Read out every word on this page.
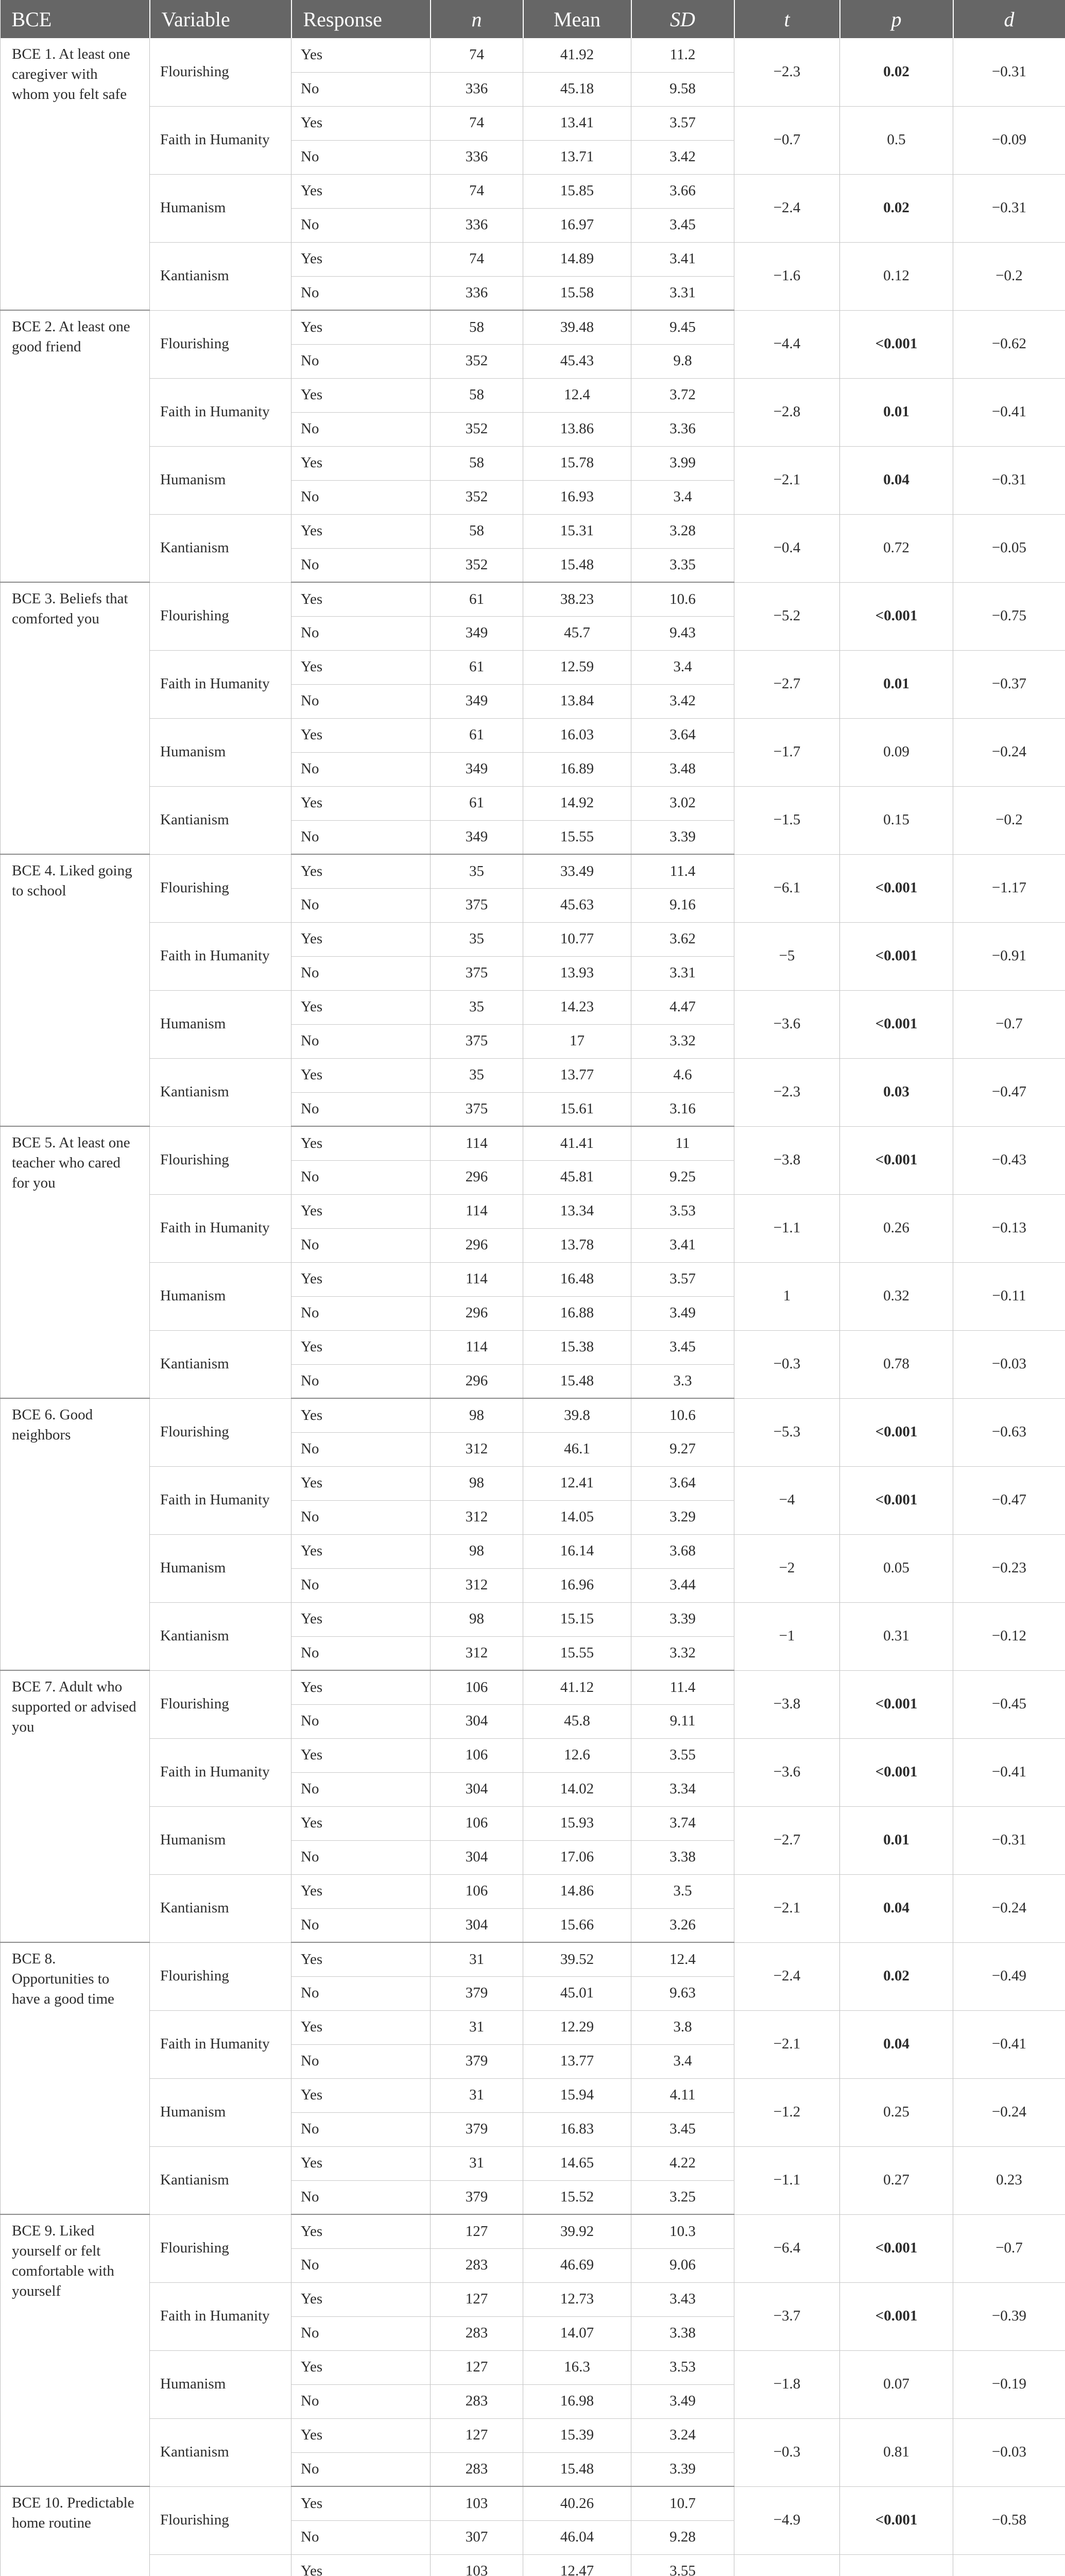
BCE	Variable	Response	n	Mean	SD	t	p	d
BCE 1. At least one caregiver with whom you felt safe	Flourishing	Yes	74	41.92	11.2	−2.3	0.02	−0.31
		No	336	45.18	9.58			
	Faith in Humanity	Yes	74	13.41	3.57	−0.7	0.5	−0.09
		No	336	13.71	3.42			
	Humanism	Yes	74	15.85	3.66	−2.4	0.02	−0.31
		No	336	16.97	3.45			
	Kantianism	Yes	74	14.89	3.41	−1.6	0.12	−0.2
		No	336	15.58	3.31			
BCE 2. At least one good friend	Flourishing	Yes	58	39.48	9.45	−4.4	<0.001	−0.62
		No	352	45.43	9.8			
	Faith in Humanity	Yes	58	12.4	3.72	−2.8	0.01	−0.41
		No	352	13.86	3.36			
	Humanism	Yes	58	15.78	3.99	−2.1	0.04	−0.31
		No	352	16.93	3.4			
	Kantianism	Yes	58	15.31	3.28	−0.4	0.72	−0.05
		No	352	15.48	3.35			
BCE 3. Beliefs that comforted you	Flourishing	Yes	61	38.23	10.6	−5.2	<0.001	−0.75
		No	349	45.7	9.43			
	Faith in Humanity	Yes	61	12.59	3.4	−2.7	0.01	−0.37
		No	349	13.84	3.42			
	Humanism	Yes	61	16.03	3.64	−1.7	0.09	−0.24
		No	349	16.89	3.48			
	Kantianism	Yes	61	14.92	3.02	−1.5	0.15	−0.2
		No	349	15.55	3.39			
BCE 4. Liked going to school	Flourishing	Yes	35	33.49	11.4	−6.1	<0.001	−1.17
		No	375	45.63	9.16			
	Faith in Humanity	Yes	35	10.77	3.62	−5	<0.001	−0.91
		No	375	13.93	3.31			
	Humanism	Yes	35	14.23	4.47	−3.6	<0.001	−0.7
		No	375	17	3.32			
	Kantianism	Yes	35	13.77	4.6	−2.3	0.03	−0.47
		No	375	15.61	3.16			
BCE 5. At least one teacher who cared for you	Flourishing	Yes	114	41.41	11	−3.8	<0.001	−0.43
		No	296	45.81	9.25			
	Faith in Humanity	Yes	114	13.34	3.53	−1.1	0.26	−0.13
		No	296	13.78	3.41			
	Humanism	Yes	114	16.48	3.57	1	0.32	−0.11
		No	296	16.88	3.49			
	Kantianism	Yes	114	15.38	3.45	−0.3	0.78	−0.03
		No	296	15.48	3.3			
BCE 6. Good neighbors	Flourishing	Yes	98	39.8	10.6	−5.3	<0.001	−0.63
		No	312	46.1	9.27			
	Faith in Humanity	Yes	98	12.41	3.64	−4	<0.001	−0.47
		No	312	14.05	3.29			
	Humanism	Yes	98	16.14	3.68	−2	0.05	−0.23
		No	312	16.96	3.44			
	Kantianism	Yes	98	15.15	3.39	−1	0.31	−0.12
		No	312	15.55	3.32			
BCE 7. Adult who supported or advised you	Flourishing	Yes	106	41.12	11.4	−3.8	<0.001	−0.45
		No	304	45.8	9.11			
	Faith in Humanity	Yes	106	12.6	3.55	−3.6	<0.001	−0.41
		No	304	14.02	3.34			
	Humanism	Yes	106	15.93	3.74	−2.7	0.01	−0.31
		No	304	17.06	3.38			
	Kantianism	Yes	106	14.86	3.5	−2.1	0.04	−0.24
		No	304	15.66	3.26			
BCE 8. Opportunities to have a good time	Flourishing	Yes	31	39.52	12.4	−2.4	0.02	−0.49
		No	379	45.01	9.63			
	Faith in Humanity	Yes	31	12.29	3.8	−2.1	0.04	−0.41
		No	379	13.77	3.4			
	Humanism	Yes	31	15.94	4.11	−1.2	0.25	−0.24
		No	379	16.83	3.45			
	Kantianism	Yes	31	14.65	4.22	−1.1	0.27	0.23
		No	379	15.52	3.25			
BCE 9. Liked yourself or felt comfortable with yourself	Flourishing	Yes	127	39.92	10.3	−6.4	<0.001	−0.7
		No	283	46.69	9.06			
	Faith in Humanity	Yes	127	12.73	3.43	−3.7	<0.001	−0.39
		No	283	14.07	3.38			
	Humanism	Yes	127	16.3	3.53	−1.8	0.07	−0.19
		No	283	16.98	3.49			
	Kantianism	Yes	127	15.39	3.24	−0.3	0.81	−0.03
		No	283	15.48	3.39			
BCE 10. Predictable home routine	Flourishing	Yes	103	40.26	10.7	−4.9	<0.001	−0.58
		No	307	46.04	9.28			
	Yes	103	12.47	3.55			
